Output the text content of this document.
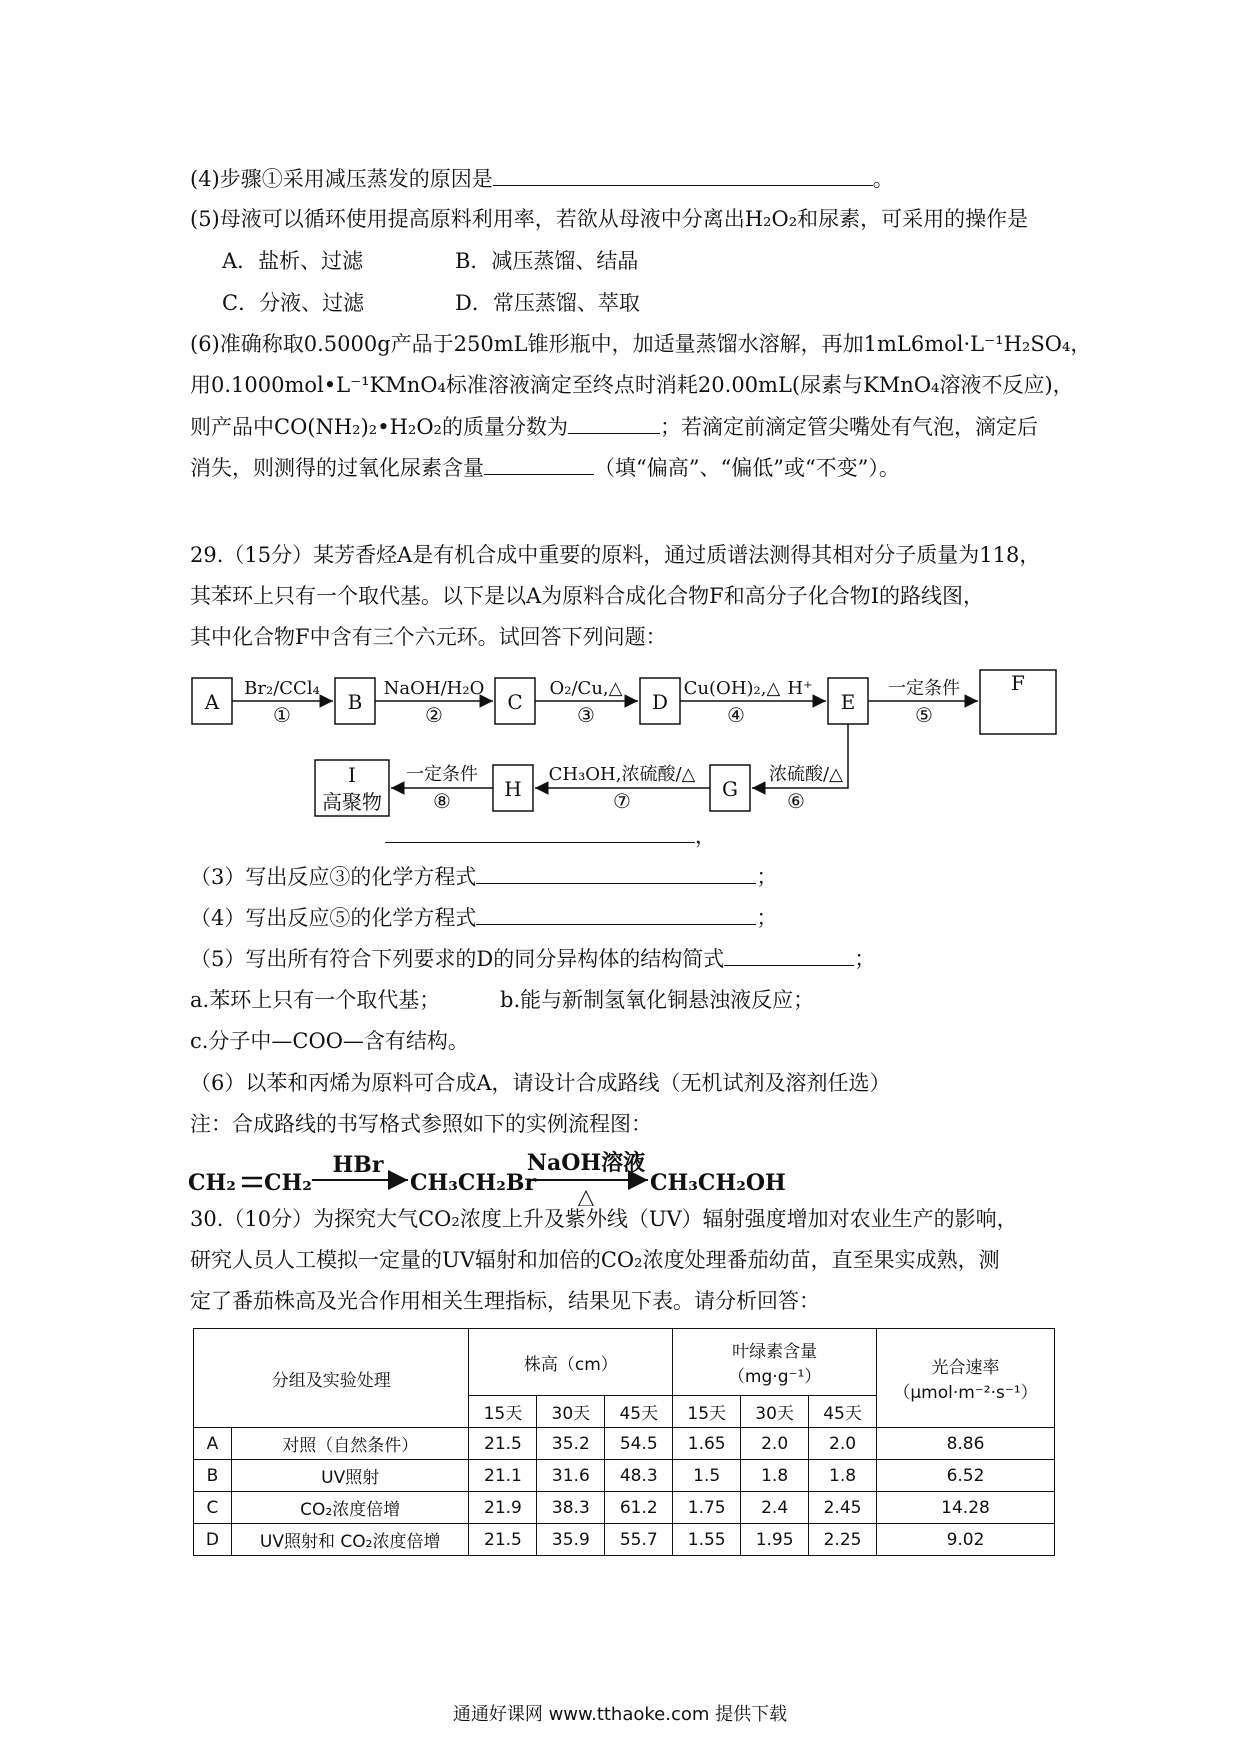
(4)步骤①采用减压蒸发的原因是	。
(5)母液可以循环使用提高原料利用率，若欲从母液中分离出H₂O₂和尿素，可采用的操作是
A．盐析、过滤	B．减压蒸馏、结晶
C．分液、过滤	D．常压蒸馏、萃取
(6)准确称取0.5000g产品于250mL锥形瓶中，加适量蒸馏水溶解，再加1mL6mol·L⁻¹H₂SO₄，
用0.1000mol•L⁻¹KMnO₄标准溶液滴定至终点时消耗20.00mL(尿素与KMnO₄溶液不反应)，
则产品中CO(NH₂)₂•H₂O₂的质量分数为	；若滴定前滴定管尖嘴处有气泡，滴定后
消失，则测得的过氧化尿素含量	（填“偏高”、“偏低”或“不变”）。
29.（15分）某芳香烃A是有机合成中重要的原料，通过质谱法测得其相对分子质量为118，
其苯环上只有一个取代基。以下是以A为原料合成化合物F和高分子化合物I的路线图，
其中化合物F中含有三个六元环。试回答下列问题：
A	B	C	D	E
F
G
H
I
高聚物
Br₂/CCl₄
①
NaOH/H₂O
②
O₂/Cu,△
③
Cu(OH)₂,△ H⁺
④
一定条件
⑤
浓硫酸/△
⑥
CH₃OH,浓硫酸/△
⑦
一定条件
⑧
，
（3）写出反应③的化学方程式	；
（4）写出反应⑤的化学方程式	；
（5）写出所有符合下列要求的D的同分异构体的结构简式	；
a.苯环上只有一个取代基；	b.能与新制氢氧化铜悬浊液反应；
c.分子中—COO—含有结构。
（6）以苯和丙烯为原料可合成A，请设计合成路线（无机试剂及溶剂任选）
注：合成路线的书写格式参照如下的实例流程图：
CH₂ CH₂
HBr
CH₃CH₂Br
NaOH溶液
△
CH₃CH₂OH
30.（10分）为探究大气CO₂浓度上升及紫外线（UV）辐射强度增加对农业生产的影响，
研究人员人工模拟一定量的UV辐射和加倍的CO₂浓度处理番茄幼苗，直至果实成熟，测
定了番茄株高及光合作用相关生理指标，结果见下表。请分析回答：
分组及实验处理		株高（cm）			叶绿素含量
（mg·g⁻¹）			光合速率
（μmol·m⁻²·s⁻¹）
		15天	30天	45天	15天	30天	45天	
A	对照（自然条件）	21.5	35.2	54.5	1.65	2.0	2.0	8.86
B	UV照射	21.1	31.6	48.3	1.5	1.8	1.8	6.52
C	CO₂浓度倍增	21.9	38.3	61.2	1.75	2.4	2.45	14.28
D	UV照射和 CO₂浓度倍增	21.5	35.9	55.7	1.55	1.95	2.25	9.02
通通好课网 www.tthaoke.com 提供下载
